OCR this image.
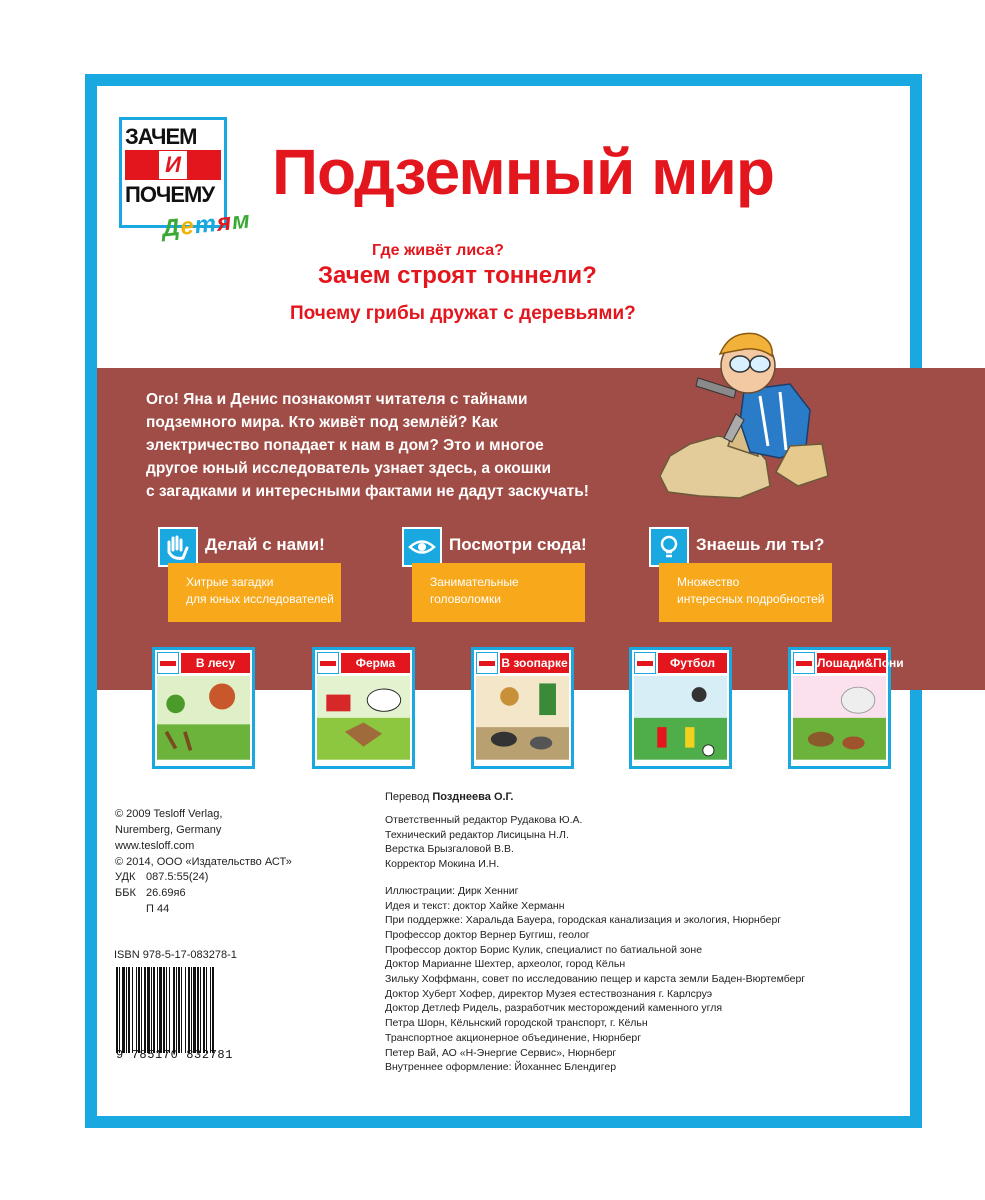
ЗАЧЕМ
И
ПОЧЕМУ
Детям
Подземный мир
Где живёт лиса?
Зачем строят тоннели?
Почему грибы дружат с деревьями?

Ого! Яна и Денис познакомят читателя с тайнами

подземного мира. Кто живёт под землёй? Как

электричество попадает к нам в дом? Это и многое

другое юный исследователь узнает здесь, а окошки

с загадками и интересными фактами не дадут заскучать!

Делай с нами!
Хитрые загадки
для юных исследователей
Посмотри сюда!
Занимательные
головоломки
Знаешь ли ты?
Множество
интересных подробностей
В лесу	Ферма	В зоопарке	Футбол	Лошади&Пони
© 2009 Tesloff Verlag,
Nuremberg, Germany
www.tesloff.com
© 2014, ООО «Издательство АСТ»
УДК 087.5:55(24)
ББК 26.69я6
П 44
ISBN 978-5-17-083278-1
9 785170 832781
Перевод Позднеева О.Г.
Ответственный редактор Рудакова Ю.А.
Технический редактор Лисицына Н.Л.
Верстка Брызгаловой В.В.
Корректор Мокина И.Н.
Иллюстрации: Дирк Хенниг
Идея и текст: доктор Хайке Херманн
При поддержке: Харальда Бауера, городская канализация и экология, Нюрнберг
Профессор доктор Вернер Буггиш, геолог
Профессор доктор Борис Кулик, специалист по батиальной зоне
Доктор Марианне Шехтер, археолог, город Кёльн
Зильку Хоффманн, совет по исследованию пещер и карста земли Баден-Вюртемберг
Доктор Хуберт Хофер, директор Музея естествознания г. Карлсруэ
Доктор Детлеф Ридель, разработчик месторождений каменного угля
Петра Шорн, Кёльнский городской транспорт, г. Кёльн
Транспортное акционерное объединение, Нюрнберг
Петер Вай, АО «Н-Энергие Сервис», Нюрнберг
Внутреннее оформление: Йоханнес Блендигер
